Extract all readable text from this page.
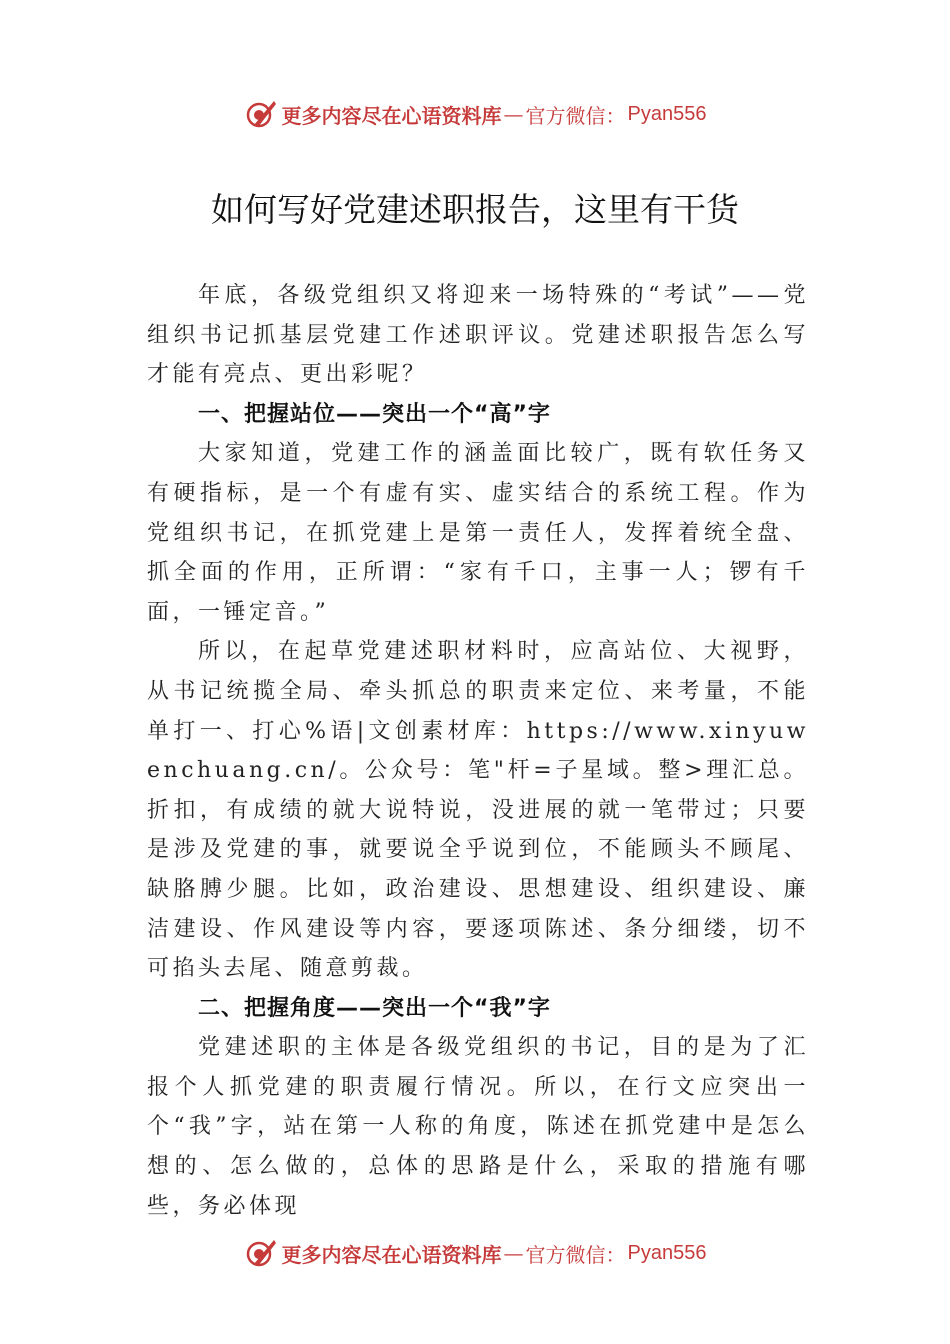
更多内容尽在心语资料库 — 官方微信： Pyan556
如何写好党建述职报告，这里有干货

年底，各级党组织又将迎来一场特殊的“考试”——党组织书记抓基层党建工作述职评议。党建述职报告怎么写才能有亮点、更出彩呢？

一、把握站位——突出一个“高”字

大家知道，党建工作的涵盖面比较广，既有软任务又有硬指标，是一个有虚有实、虚实结合的系统工程。作为党组织书记，在抓党建上是第一责任人，发挥着统全盘、抓全面的作用，正所谓：“家有千口，主事一人；锣有千面，一锤定音。”

所以，在起草党建述职材料时，应高站位、大视野，从书记统揽全局、牵头抓总的职责来定位、来考量，不能单打一、打心%语|文创素材库：https://www.xinyuwenchuang.cn/。公众号：笔"杆=子星域。整>理汇总。折扣，有成绩的就大说特说，没进展的就一笔带过；只要是涉及党建的事，就要说全乎说到位，不能顾头不顾尾、缺胳膊少腿。比如，政治建设、思想建设、组织建设、廉洁建设、作风建设等内容，要逐项陈述、条分细缕，切不可掐头去尾、随意剪裁。

二、把握角度——突出一个“我”字

党建述职的主体是各级党组织的书记，目的是为了汇报个人抓党建的职责履行情况。所以，在行文应突出一个“我”字，站在第一人称的角度，陈述在抓党建中是怎么想的、怎么做的，总体的思路是什么，采取的措施有哪些，务必体现

更多内容尽在心语资料库 — 官方微信： Pyan556
